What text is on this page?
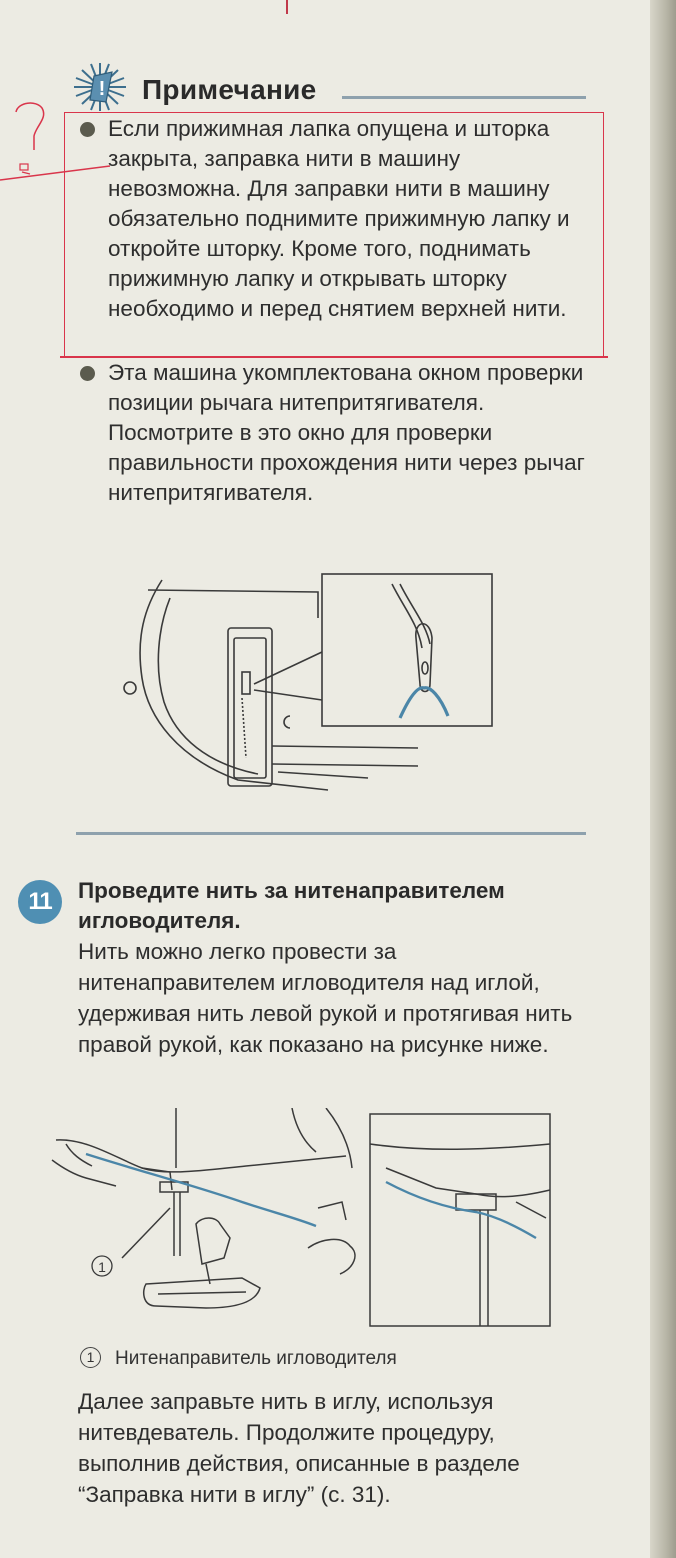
! Примечание
Если прижимная лапка опущена и шторка закрыта, заправка нити в машину невозможна. Для заправки нити в машину обязательно поднимите прижимную лапку и откройте шторку. Кроме того, поднимать прижимную лапку и открывать шторку необходимо и перед снятием верхней нити.
Эта машина укомплектована окном проверки позиции рычага нитепритягивателя. Посмотрите в это окно для проверки правильности прохождения нити через рычаг нитепритягивателя.
11	Проведите нить за нитенаправителем игловодителя.
Нить можно легко провести за нитенаправителем игловодителя над иглой, удерживая нить левой рукой и протягивая нить правой рукой, как показано на рисунке ниже.
1
1 Нитенаправитель игловодителя
Далее заправьте нить в иглу, используя нитевдеватель. Продолжите процедуру, выполнив действия, описанные в разделе “Заправка нити в иглу” (с. 31).
